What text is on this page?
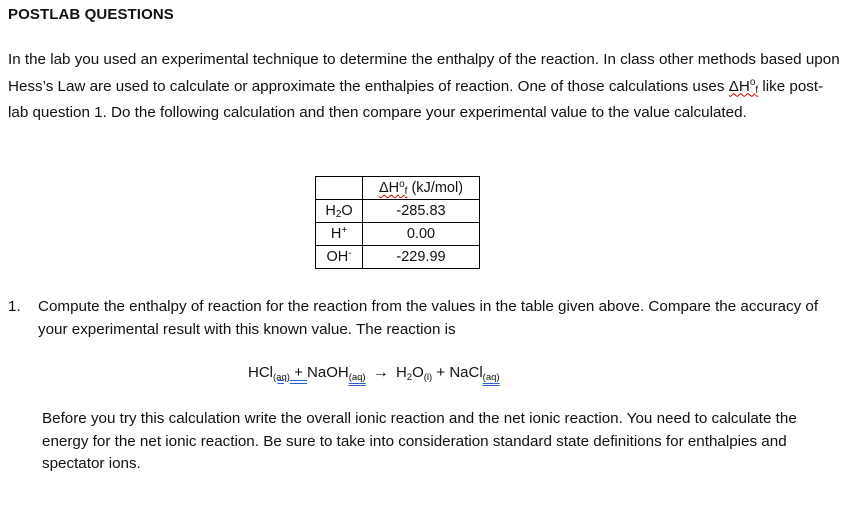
POSTLAB QUESTIONS
In the lab you used an experimental technique to determine the enthalpy of the reaction. In class other methods based upon Hess’s Law are used to calculate or approximate the enthalpies of reaction. One of those calculations uses $\Delta H^o_f$ like post-lab question 1. Do the following calculation and then compare your experimental value to the value calculated.
	$\Delta H^o_f$ (kJ/mol)
$H_2O$	-285.83
H+	0.00
OH-	-229.99
1. Compute the enthalpy of reaction for the reaction from the values in the table given above. Compare the accuracy of your experimental result with this known value. The reaction is
HCl$_{(aq)}$ + NaOH$_{(aq)}$ → $H_2O_{(l)}$ + NaCl$_{(aq)}$
Before you try this calculation write the overall ionic reaction and the net ionic reaction. You need to calculate the energy for the net ionic reaction. Be sure to take into consideration standard state definitions for enthalpies and spectator ions.
